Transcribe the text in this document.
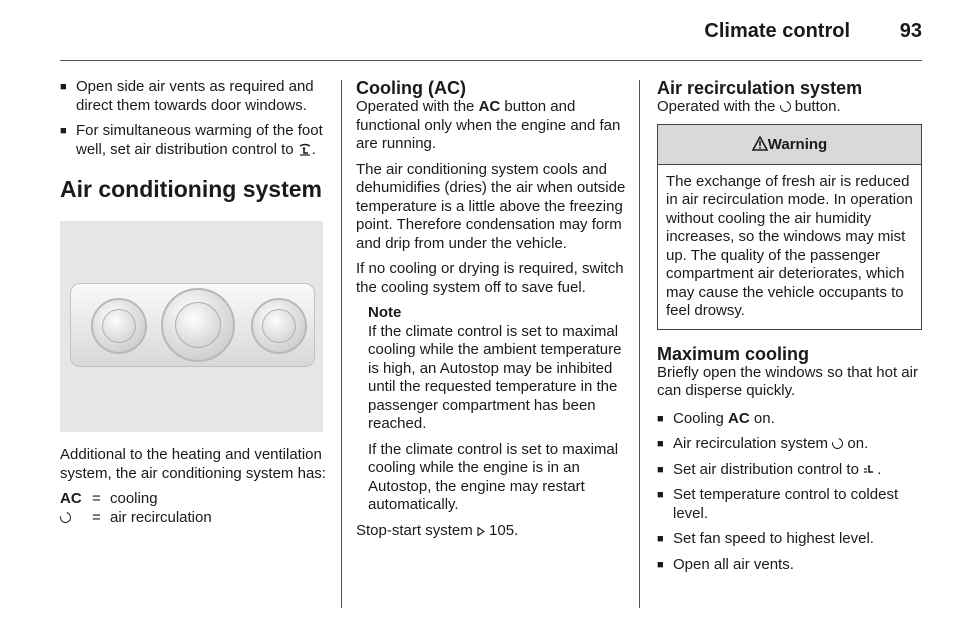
Climate control 93
■ Open side air vents as required and direct them towards door windows.
■ For simultaneous warming of the foot well, set air distribution control to .
Air conditioning system

Additional to the heating and ventilation system, the air conditioning system has:

AC = cooling
= air recirculation
Cooling (AC)

Operated with the AC button and functional only when the engine and fan are running.

The air conditioning system cools and dehumidifies (dries) the air when outside temperature is a little above the freezing point. Therefore condensation may form and drip from under the vehicle.

If no cooling or drying is required, switch the cooling system off to save fuel.

Note

If the climate control is set to maximal cooling while the ambient temperature is high, an Autostop may be inhibited until the requested temperature in the passenger compartment has been reached.

If the climate control is set to maximal cooling while the engine is in an Autostop, the engine may restart automatically.

Stop-start system 105.

Air recirculation system

Operated with the button.

Warning
The exchange of fresh air is reduced in air recirculation mode. In operation without cooling the air humidity increases, so the windows may mist up. The quality of the passenger compartment air deteriorates, which may cause the vehicle occupants to feel drowsy.
Maximum cooling

Briefly open the windows so that hot air can disperse quickly.

■ Cooling AC on.
■ Air recirculation system on.
■ Set air distribution control to .
■ Set temperature control to coldest level.
■ Set fan speed to highest level.
■ Open all air vents.
